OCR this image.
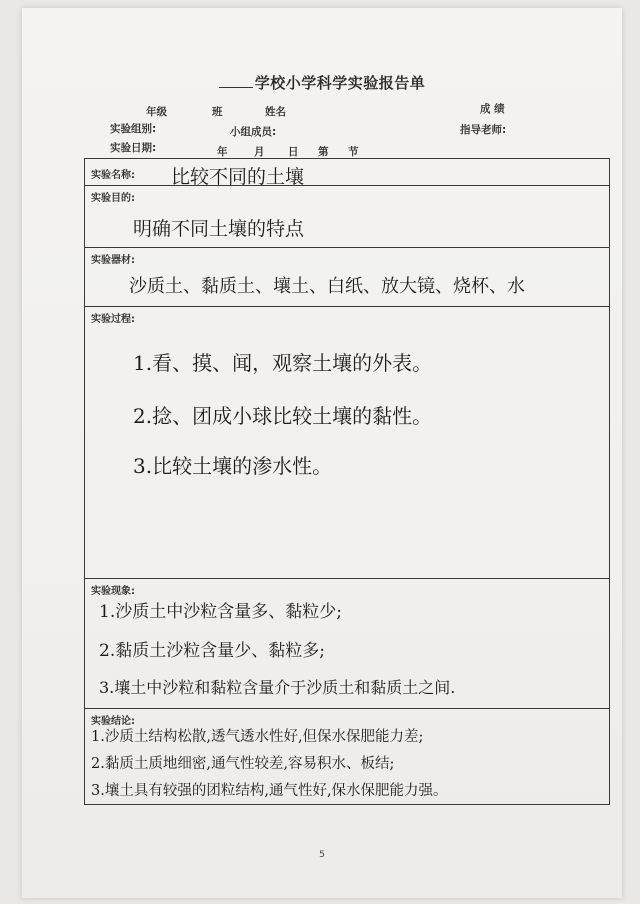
学校小学科学实验报告单
年级	班	姓名	成 绩
实验组别:	小组成员:	指导老师:
实验日期:	年	月 日 第 节
实验名称: 比较不同的土壤

实验目的:
明确不同土壤的特点

实验器材:
沙质土、黏质土、壤土、白纸、放大镜、烧杯、水

实验过程:
1.看、摸、闻，观察土壤的外表。
2.捻、团成小球比较土壤的黏性。
3.比较土壤的渗水性。

实验现象:
1.沙质土中沙粒含量多、黏粒少;
2.黏质土沙粒含量少、黏粒多;
3.壤土中沙粒和黏粒含量介于沙质土和黏质土之间.

实验结论:
1.沙质土结构松散,透气透水性好,但保水保肥能力差;
2.黏质土质地细密,通气性较差,容易积水、板结;
3.壤土具有较强的团粒结构,通气性好,保水保肥能力强。
5
